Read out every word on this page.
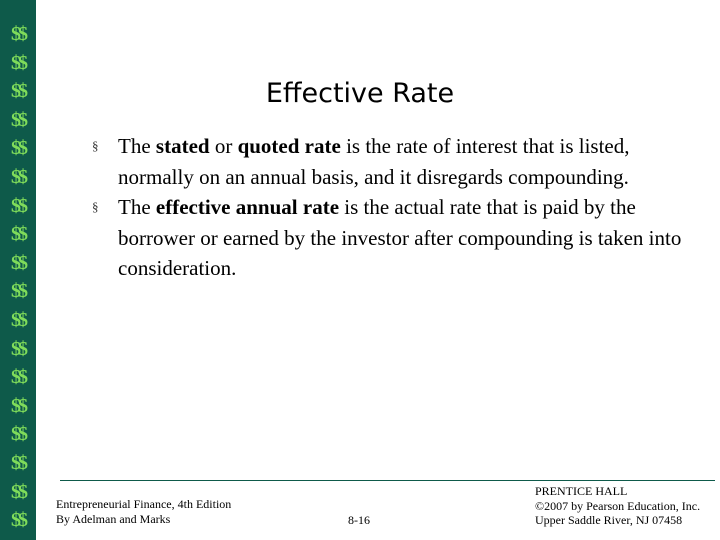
$$
$$
$$
$$
$$
$$
$$
$$
$$
$$
$$
$$
$$
$$
$$
$$
$$
$$
Effective Rate
§ The stated or quoted rate is the rate of interest that is listed, normally on an annual basis, and it disregards compounding.
§ The effective annual rate is the actual rate that is paid by the borrower or earned by the investor after compounding is taken into consideration.
Entrepreneurial Finance, 4th Edition
By Adelman and Marks	8-16
PRENTICE HALL
©2007 by Pearson Education, Inc.
Upper Saddle River, NJ 07458
